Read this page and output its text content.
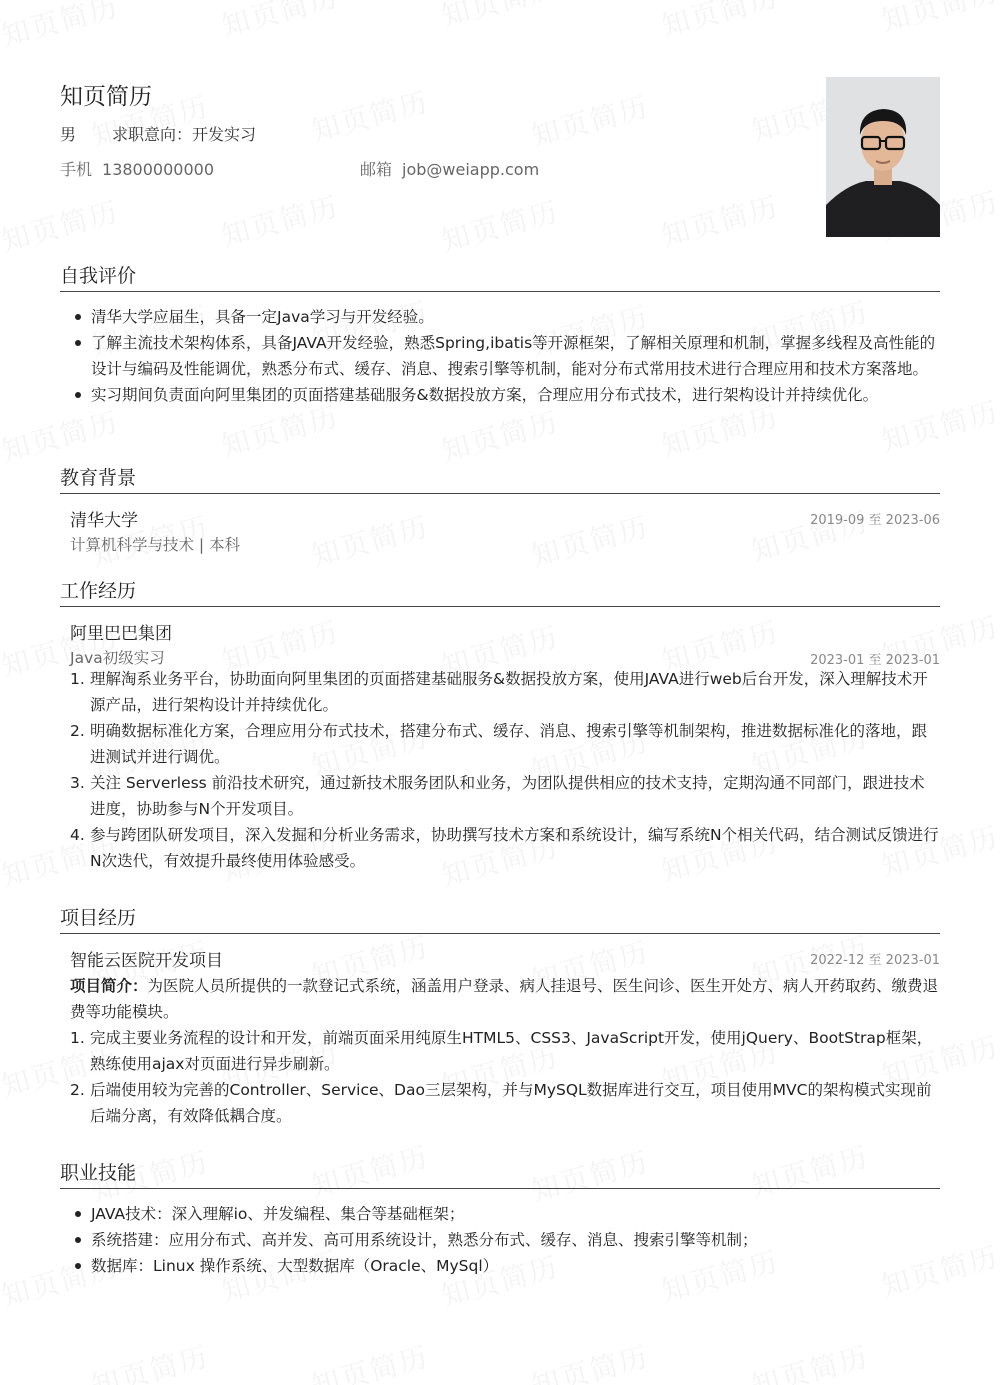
知页简历
男 求职意向：开发实习
手机 13800000000	邮箱 job@weiapp.com
自我评价
清华大学应届生，具备一定Java学习与开发经验。
了解主流技术架构体系，具备JAVA开发经验，熟悉Spring,ibatis等开源框架，了解相关原理和机制，掌握多线程及高性能的设计与编码及性能调优，熟悉分布式、缓存、消息、搜索引擎等机制，能对分布式常用技术进行合理应用和技术方案落地。
实习期间负责面向阿里集团的页面搭建基础服务&数据投放方案，合理应用分布式技术，进行架构设计并持续优化。
教育背景
清华大学	2019-09 至 2023-06
计算机科学与技术 | 本科
工作经历
阿里巴巴集团
Java初级实习	2023-01 至 2023-01
1. 理解淘系业务平台，协助面向阿里集团的页面搭建基础服务&数据投放方案，使用JAVA进行web后台开发，深入理解技术开源产品，进行架构设计并持续优化。
2. 明确数据标准化方案，合理应用分布式技术，搭建分布式、缓存、消息、搜索引擎等机制架构，推进数据标准化的落地，跟进测试并进行调优。
3. 关注 Serverless 前沿技术研究，通过新技术服务团队和业务，为团队提供相应的技术支持，定期沟通不同部门，跟进技术进度，协助参与N个开发项目。
4. 参与跨团队研发项目，深入发掘和分析业务需求，协助撰写技术方案和系统设计，编写系统N个相关代码，结合测试反馈进行N次迭代，有效提升最终使用体验感受。
项目经历
智能云医院开发项目	2022-12 至 2023-01
项目简介：为医院人员所提供的一款登记式系统，涵盖用户登录、病人挂退号、医生问诊、医生开处方、病人开药取药、缴费退费等功能模块。
1. 完成主要业务流程的设计和开发，前端页面采用纯原生HTML5、CSS3、JavaScript开发，使用jQuery、BootStrap框架，熟练使用ajax对页面进行异步刷新。
2. 后端使用较为完善的Controller、Service、Dao三层架构，并与MySQL数据库进行交互，项目使用MVC的架构模式实现前后端分离，有效降低耦合度。
职业技能
JAVA技术：深入理解io、并发编程、集合等基础框架；
系统搭建：应用分布式、高并发、高可用系统设计，熟悉分布式、缓存、消息、搜索引擎等机制；
数据库：Linux 操作系统、大型数据库（Oracle、MySql）
